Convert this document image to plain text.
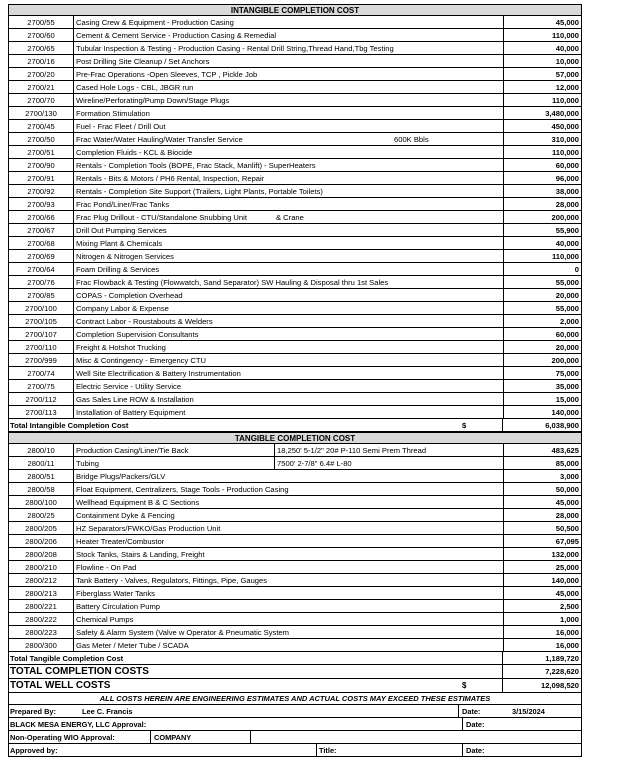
INTANGIBLE COMPLETION COST
2700/55	Casing Crew & Equipment - Production Casing	45,000
2700/60	Cement & Cement Service - Production Casing & Remedial	110,000
2700/65	Tubular Inspection & Testing - Production Casing - Rental Drill String,Thread Hand,Tbg Testing	40,000
2700/16	Post Drilling Site Cleanup / Set Anchors	10,000
2700/20	Pre-Frac Operations -Open Sleeves, TCP , Pickle Job	57,000
2700/21	Cased Hole Logs - CBL, JBGR run	12,000
2700/70	Wireline/Perforating/Pump Down/Stage Plugs	110,000
2700/130	Formation Stimulation	3,480,000
2700/45	Fuel - Frac Fleet / Drill Out	450,000
2700/50	Frac Water/Water Hauling/Water Transfer Service	600K Bbls	310,000
2700/51	Completion Fluids - KCL & Biocide	110,000
2700/90	Rentals - Completion Tools (BOPE, Frac Stack, Manlift) - SuperHeaters	60,000
2700/91	Rentals - Bits & Motors / PH6 Rental, Inspection, Repair	96,000
2700/92	Rentals - Completion Site Support (Trailers, Light Plants, Portable Toilets)	38,000
2700/93	Frac Pond/Liner/Frac Tanks	28,000
2700/66	Frac Plug Drillout - CTU/Standalone Snubbing Unit	& Crane	200,000
2700/67	Drill Out Pumping Services	55,900
2700/68	Mixing Plant & Chemicals	40,000
2700/69	Nitrogen & Nitrogen Services	110,000
2700/64	Foam Drilling & Services	0
2700/76	Frac Flowback & Testing (Flowwatch, Sand Separator) SW Hauling & Disposal thru 1st Sales	55,000
2700/85	COPAS - Completion Overhead	20,000
2700/100	Company Labor & Expense	55,000
2700/105	Contract Labor - Roustabouts & Welders	2,000
2700/107	Completion Supervision Consultants	60,000
2700/110	Freight & Hotshot Trucking	20,000
2700/999	Misc & Contingency - Emergency CTU	200,000
2700/74	Well Site Electrification & Battery Instrumentation	75,000
2700/75	Electric Service - Utility Service	35,000
2700/112	Gas Sales Line ROW & Installation	15,000
2700/113	Installation of Battery Equipment	140,000
Total Intangible Completion Cost	$	6,038,900
TANGIBLE COMPLETION COST
2800/10	Production Casing/Liner/Tie Back	18,250' 5-1/2" 20# P-110 Semi Prem Thread	483,625
2800/11	Tubing	7500' 2-7/8" 6.4# L-80	85,000
2800/51	Bridge Plugs/Packers/GLV	3,000
2800/58	Float Equipment, Centralizers, Stage Tools - Production Casing	50,000
2800/100	Wellhead Equipment B & C Sections	45,000
2800/25	Containment Dyke & Fencing	28,000
2800/205	HZ Separators/FWKO/Gas Production Unit	50,500
2800/206	Heater Treater/Combustor	67,095
2800/208	Stock Tanks, Stairs & Landing, Freight	132,000
2800/210	Flowline - On Pad	25,000
2800/212	Tank Battery - Valves, Regulators, Fittings, Pipe, Gauges	140,000
2800/213	Fiberglass Water Tanks	45,000
2800/221	Battery Circulation Pump	2,500
2800/222	Chemical Pumps	1,000
2800/223	Safety & Alarm System (Valve w Operator & Pneumatic System	16,000
2800/300	Gas Meter / Meter Tube / SCADA	16,000
Total Tangible Completion Cost	1,189,720
TOTAL COMPLETION COSTS	7,228,620
TOTAL WELL COSTS	$	12,098,520
ALL COSTS HEREIN ARE ENGINEERING ESTIMATES AND ACTUAL COSTS MAY EXCEED THESE ESTIMATES
Prepared By:	Lee C. Francis	Date:	3/15/2024
BLACK MESA ENERGY, LLC Approval:	Date:
Non-Operating WIO Approval:	COMPANY
Approved by:	Title:	Date:
